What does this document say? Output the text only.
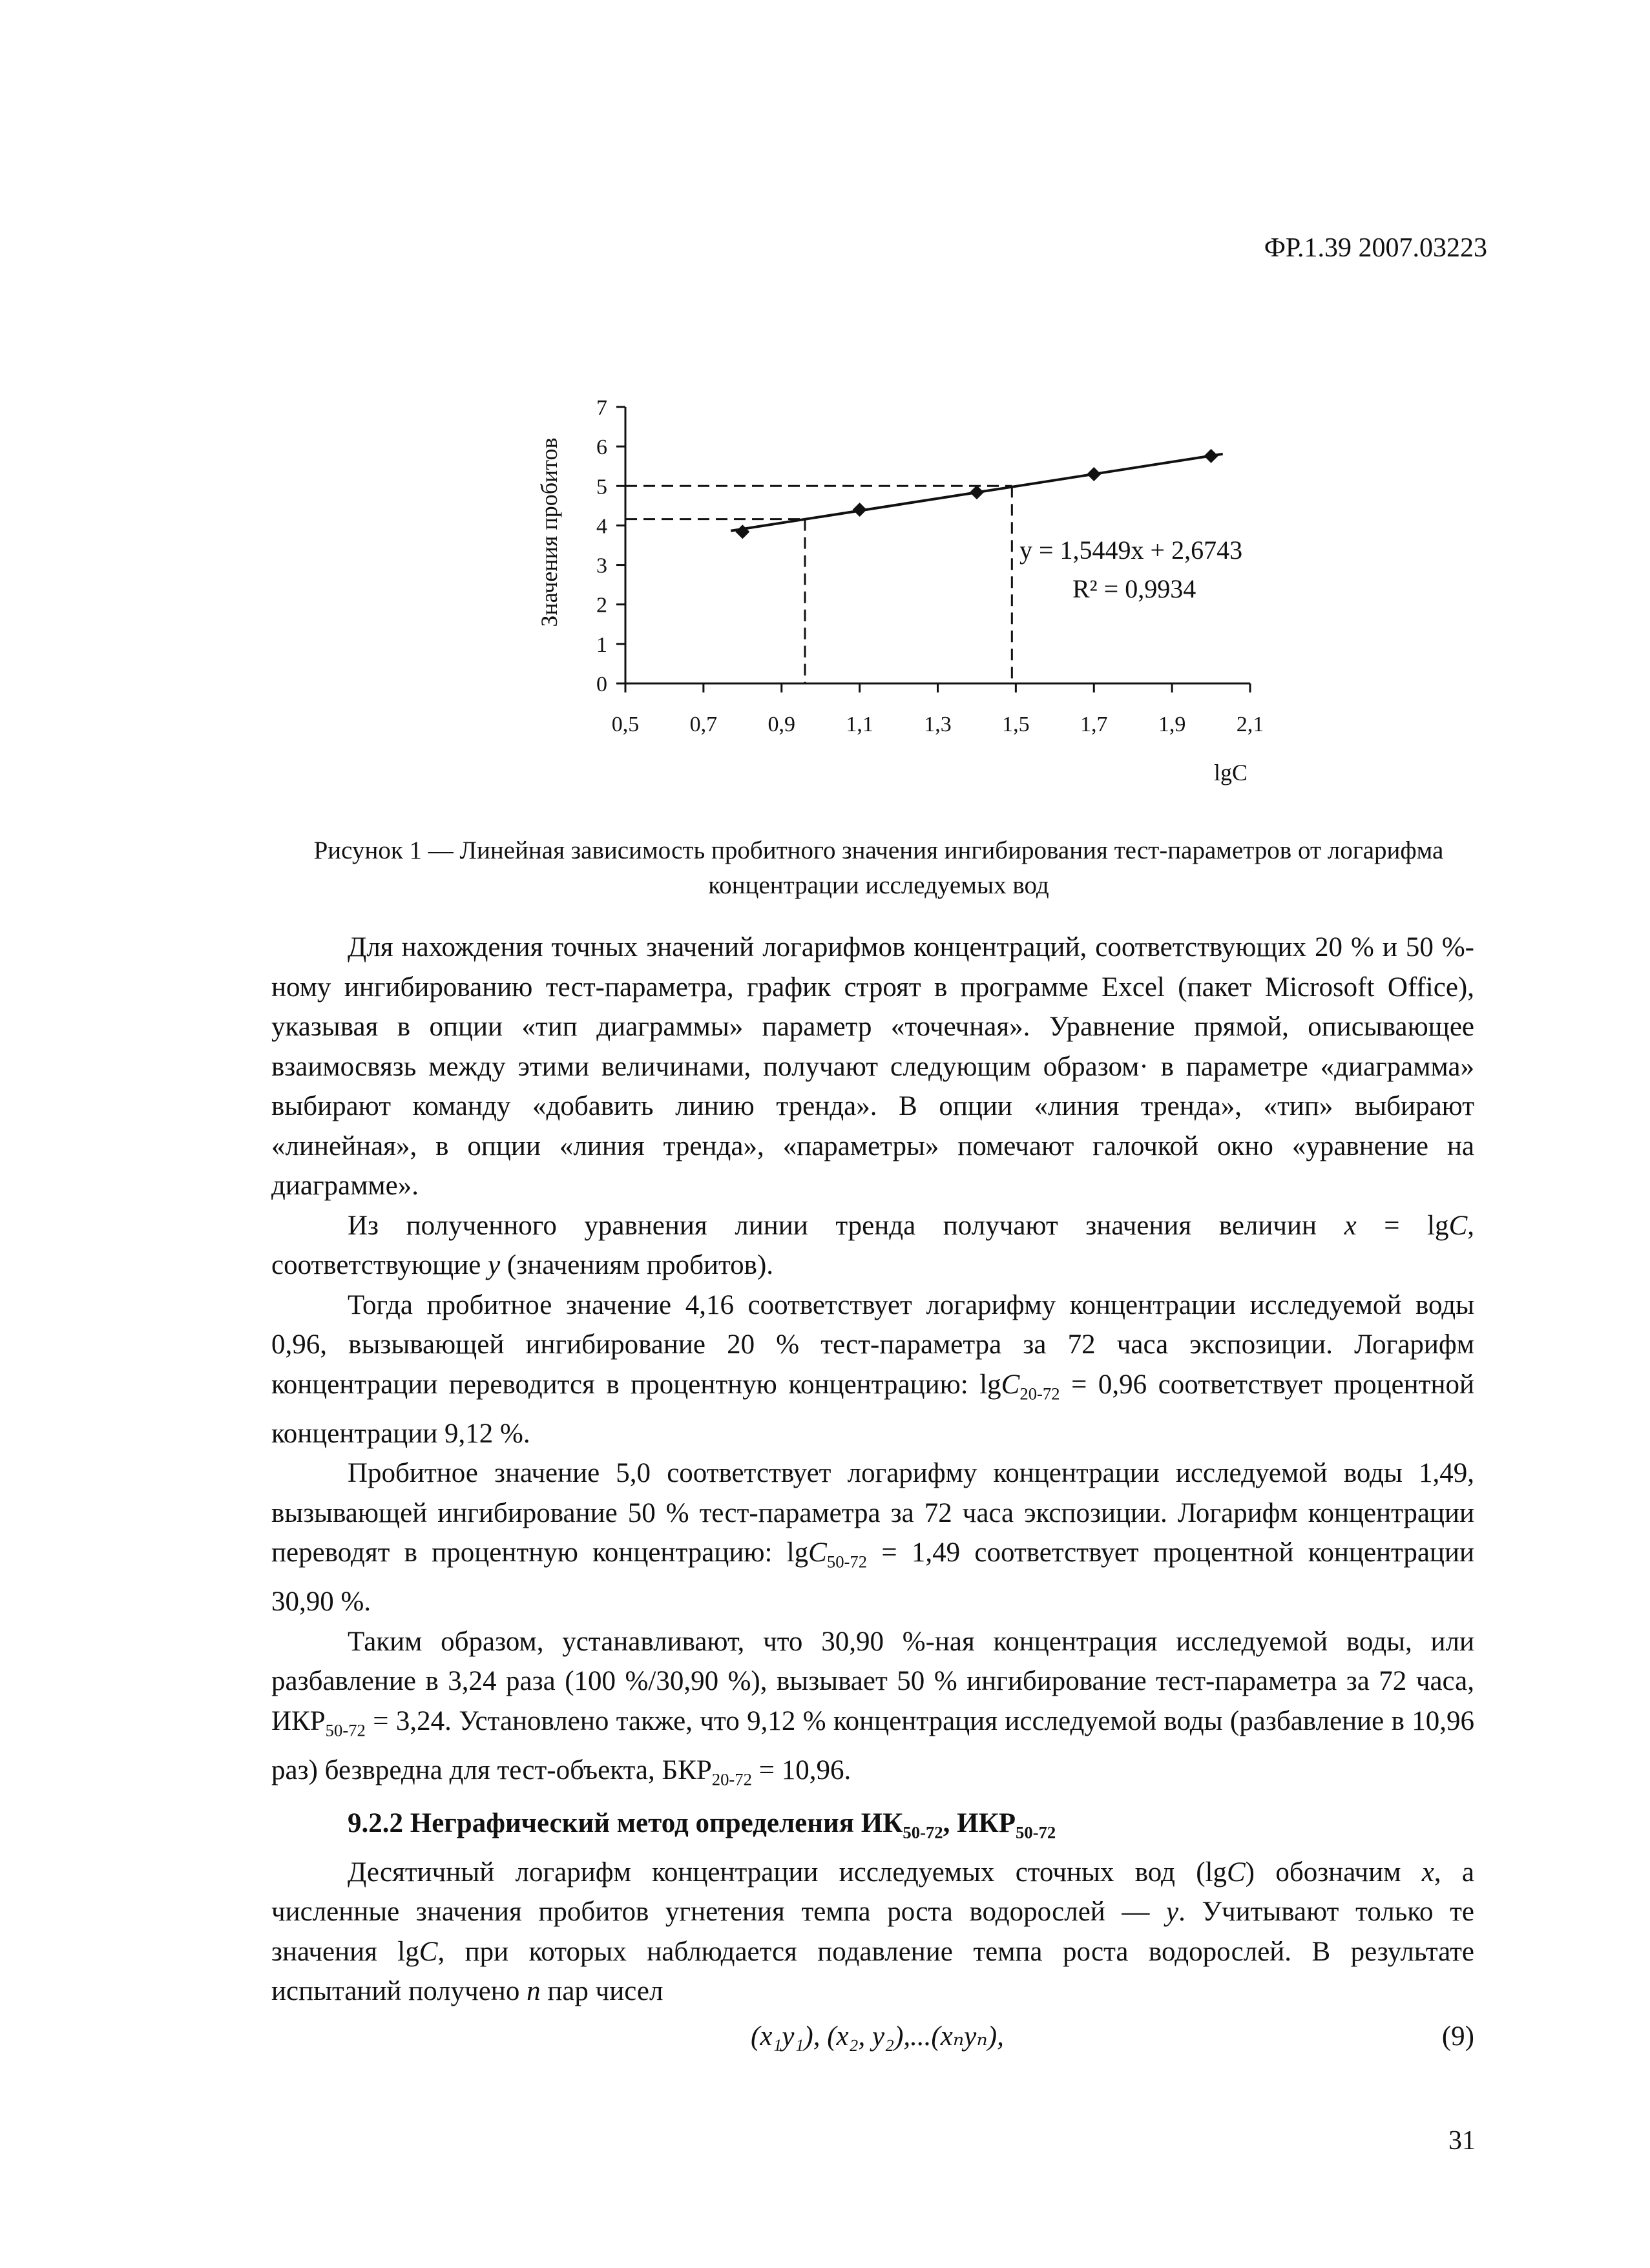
ФР.1.39 2007.03223
0
1
2
3
4
5
6
7
0,5 0,7 0,9 1,1 1,3 1,5 1,7 1,9 2,1
Значения пробитов
lgC
y = 1,5449x + 2,6743
R² = 0,9934
Рисунок 1 — Линейная зависимость пробитного значения ингибирования тест-параметров от логарифма
концентрации исследуемых вод

Для нахождения точных значений логарифмов концентраций, соответствующих 20 % и 50 %-ному ингибированию тест-параметра, график строят в программе Excel (пакет Microsoft Office), указывая в опции «тип диаграммы» параметр «точечная». Уравнение прямой, описывающее взаимосвязь между этими величинами, получают следующим образом· в параметре «диаграмма» выбирают команду «добавить линию тренда». В опции «линия тренда», «тип» выбирают «линейная», в опции «линия тренда», «параметры» помечают галочкой окно «уравнение на диаграмме».

Из полученного уравнения линии тренда получают значения величин x = lgC, соответствующие y (значениям пробитов).

Тогда пробитное значение 4,16 соответствует логарифму концентрации исследуемой воды 0,96, вызывающей ингибирование 20 % тест-параметра за 72 часа экспозиции. Логарифм концентрации переводится в процентную концентрацию: lgC$_{20-72}$ = 0,96 соответствует процентной концентрации 9,12 %.

Пробитное значение 5,0 соответствует логарифму концентрации исследуемой воды 1,49, вызывающей ингибирование 50 % тест-параметра за 72 часа экспозиции. Логарифм концентрации переводят в процентную концентрацию: lgC$_{50-72}$ = 1,49 соответствует процентной концентрации 30,90 %.

Таким образом, устанавливают, что 30,90 %-ная концентрация исследуемой воды, или разбавление в 3,24 раза (100 %/30,90 %), вызывает 50 % ингибирование тест-параметра за 72 часа, $ИКР_{50-72} = 3,24$. Установлено также, что 9,12 % концентрация исследуемой воды (разбавление в 10,96 раз) безвредна для тест-объекта, $БКР_{20-72} = 10,96$.

9.2.2 Неграфический метод определения $ИК_{50-72}$, $ИКР_{50-72}$

Десятичный логарифм концентрации исследуемых сточных вод (lgC) обозначим x, а численные значения пробитов угнетения темпа роста водорослей — y. Учитывают только те значения lgC, при которых наблюдается подавление темпа роста водорослей. В результате испытаний получено n пар чисел

(x₁y₁), (x₂, y₂),...(xₙyₙ),	(9)
31
